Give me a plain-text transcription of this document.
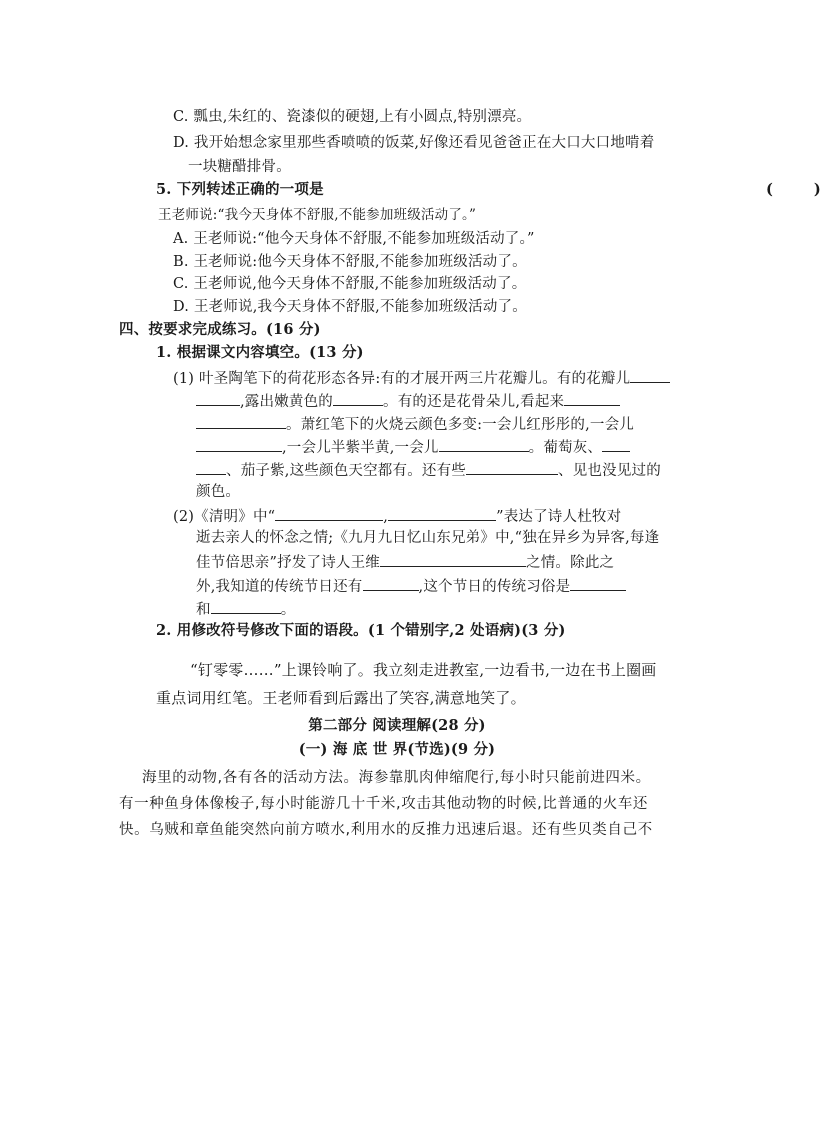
C. 瓢虫,朱红的、瓷漆似的硬翅,上有小圆点,特别漂亮。
D. 我开始想念家里那些香喷喷的饭菜,好像还看见爸爸正在大口大口地啃着
一块糖醋排骨。
5. 下列转述正确的一项是	( )
王老师说:“我今天身体不舒服,不能参加班级活动了。”
A. 王老师说:“他今天身体不舒服,不能参加班级活动了。”
B. 王老师说:他今天身体不舒服,不能参加班级活动了。
C. 王老师说,他今天身体不舒服,不能参加班级活动了。
D. 王老师说,我今天身体不舒服,不能参加班级活动了。
四、按要求完成练习。(16 分)
1. 根据课文内容填空。(13 分)
(1) 叶圣陶笔下的荷花形态各异:有的才展开两三片花瓣儿。有的花瓣儿
,露出嫩黄色的	。有的还是花骨朵儿,看起来
。萧红笔下的火烧云颜色多变:一会儿红彤彤的,一会儿
,一会儿半紫半黄,一会儿	。葡萄灰、
、茄子紫,这些颜色天空都有。还有些	、见也没见过的
颜色。
(2)《清明》中“	,	”表达了诗人杜牧对
逝去亲人的怀念之情;《九月九日忆山东兄弟》中,“独在异乡为异客,每逢
佳节倍思亲”抒发了诗人王维	之情。除此之
外,我知道的传统节日还有	,这个节日的传统习俗是
和	。
2. 用修改符号修改下面的语段。(1 个错别字,2 处语病)(3 分)
“钉零零……”上课铃响了。我立刻走进教室,一边看书,一边在书上圈画
重点词用红笔。王老师看到后露出了笑容,满意地笑了。
第二部分 阅读理解(28 分)
(一) 海 底 世 界(节选)(9 分)
海里的动物,各有各的活动方法。海参靠肌肉伸缩爬行,每小时只能前进四米。
有一种鱼身体像梭子,每小时能游几十千米,攻击其他动物的时候,比普通的火车还
快。乌贼和章鱼能突然向前方喷水,利用水的反推力迅速后退。还有些贝类自己不
